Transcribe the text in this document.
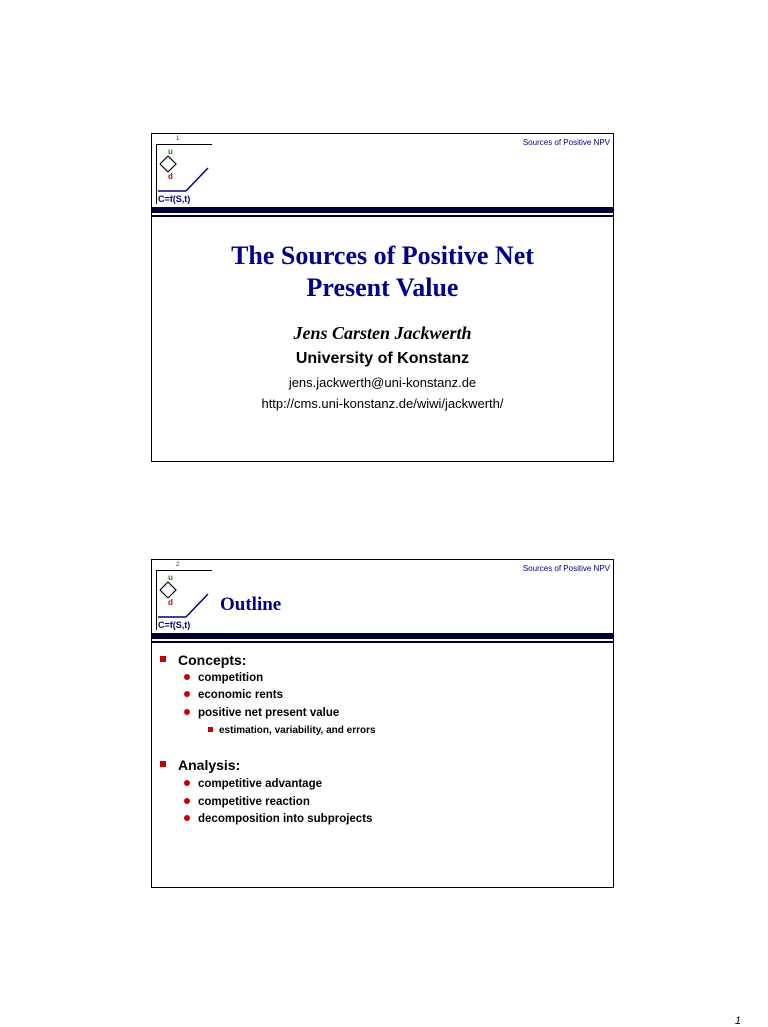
1	Sources of Positive NPV
u
d
C=f(S,t)
The Sources of Positive Net
Present Value
Jens Carsten Jackwerth
University of Konstanz
jens.jackwerth@uni-konstanz.de
http://cms.uni-konstanz.de/wiwi/jackwerth/
2	Sources of Positive NPV
u
d
C=f(S,t)
Outline
Concepts:
competition
economic rents
positive net present value
estimation, variability, and errors
Analysis:
competitive advantage
competitive reaction
decomposition into subprojects
1
